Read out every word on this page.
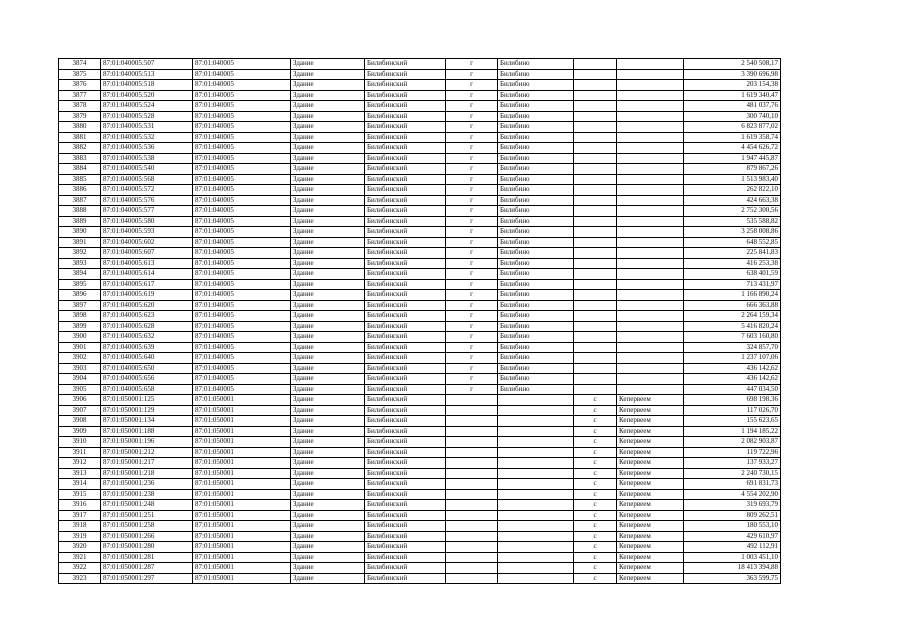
3874	87:01:040005:507	87:01:040005	Здание	Билибинский	г	Билибино			2 540 508,17
3875	87:01:040005:513	87:01:040005	Здание	Билибинский	г	Билибино			3 390 696,98
3876	87:01:040005:518	87:01:040005	Здание	Билибинский	г	Билибино			203 154,38
3877	87:01:040005:520	87:01:040005	Здание	Билибинский	г	Билибино			1 619 340,47
3878	87:01:040005:524	87:01:040005	Здание	Билибинский	г	Билибино			481 037,76
3879	87:01:040005:528	87:01:040005	Здание	Билибинский	г	Билибино			300 740,10
3880	87:01:040005:531	87:01:040005	Здание	Билибинский	г	Билибино			6 823 877,02
3881	87:01:040005:532	87:01:040005	Здание	Билибинский	г	Билибино			1 619 358,74
3882	87:01:040005:536	87:01:040005	Здание	Билибинский	г	Билибино			4 454 626,72
3883	87:01:040005:538	87:01:040005	Здание	Билибинский	г	Билибино			1 947 445,87
3884	87:01:040005:540	87:01:040005	Здание	Билибинский	г	Билибино			879 867,26
3885	87:01:040005:568	87:01:040005	Здание	Билибинский	г	Билибино			1 513 983,40
3886	87:01:040005:572	87:01:040005	Здание	Билибинский	г	Билибино			262 822,10
3887	87:01:040005:576	87:01:040005	Здание	Билибинский	г	Билибино			424 663,38
3888	87:01:040005:577	87:01:040005	Здание	Билибинский	г	Билибино			2 752 300,56
3889	87:01:040005:580	87:01:040005	Здание	Билибинский	г	Билибино			535 588,82
3890	87:01:040005:593	87:01:040005	Здание	Билибинский	г	Билибино			3 258 008,86
3891	87:01:040005:602	87:01:040005	Здание	Билибинский	г	Билибино			648 552,85
3892	87:01:040005:607	87:01:040005	Здание	Билибинский	г	Билибино			225 841,83
3893	87:01:040005:613	87:01:040005	Здание	Билибинский	г	Билибино			416 253,38
3894	87:01:040005:614	87:01:040005	Здание	Билибинский	г	Билибино			638 401,59
3895	87:01:040005:617	87:01:040005	Здание	Билибинский	г	Билибино			713 431,97
3896	87:01:040005:619	87:01:040005	Здание	Билибинский	г	Билибино			1 166 890,24
3897	87:01:040005:620	87:01:040005	Здание	Билибинский	г	Билибино			666 363,88
3898	87:01:040005:623	87:01:040005	Здание	Билибинский	г	Билибино			2 264 159,34
3899	87:01:040005:628	87:01:040005	Здание	Билибинский	г	Билибино			5 416 820,24
3900	87:01:040005:632	87:01:040005	Здание	Билибинский	г	Билибино			7 603 160,80
3901	87:01:040005:639	87:01:040005	Здание	Билибинский	г	Билибино			324 857,70
3902	87:01:040005:640	87:01:040005	Здание	Билибинский	г	Билибино			1 237 107,06
3903	87:01:040005:650	87:01:040005	Здание	Билибинский	г	Билибино			436 142,62
3904	87:01:040005:656	87:01:040005	Здание	Билибинский	г	Билибино			436 142,62
3905	87:01:040005:658	87:01:040005	Здание	Билибинский	г	Билибино			447 034,50
3906	87:01:050001:125	87:01:050001	Здание	Билибинский			с	Кепервеем	698 198,36
3907	87:01:050001:129	87:01:050001	Здание	Билибинский			с	Кепервеем	117 026,70
3908	87:01:050001:134	87:01:050001	Здание	Билибинский			с	Кепервеем	155 623,65
3909	87:01:050001:188	87:01:050001	Здание	Билибинский			с	Кепервеем	1 194 185,22
3910	87:01:050001:196	87:01:050001	Здание	Билибинский			с	Кепервеем	2 082 903,87
3911	87:01:050001:212	87:01:050001	Здание	Билибинский			с	Кепервеем	119 722,96
3912	87:01:050001:217	87:01:050001	Здание	Билибинский			с	Кепервеем	137 933,27
3913	87:01:050001:218	87:01:050001	Здание	Билибинский			с	Кепервеем	2 240 730,15
3914	87:01:050001:236	87:01:050001	Здание	Билибинский			с	Кепервеем	691 831,73
3915	87:01:050001:238	87:01:050001	Здание	Билибинский			с	Кепервеем	4 554 202,90
3916	87:01:050001:248	87:01:050001	Здание	Билибинский			с	Кепервеем	319 693,79
3917	87:01:050001:251	87:01:050001	Здание	Билибинский			с	Кепервеем	809 262,51
3918	87:01:050001:258	87:01:050001	Здание	Билибинский			с	Кепервеем	180 553,10
3919	87:01:050001:266	87:01:050001	Здание	Билибинский			с	Кепервеем	429 610,97
3920	87:01:050001:280	87:01:050001	Здание	Билибинский			с	Кепервеем	492 112,91
3921	87:01:050001:281	87:01:050001	Здание	Билибинский			с	Кепервеем	1 003 451,10
3922	87:01:050001:287	87:01:050001	Здание	Билибинский			с	Кепервеем	18 413 394,88
3923	87:01:050001:297	87:01:050001	Здание	Билибинский			с	Кепервеем	363 599,75
